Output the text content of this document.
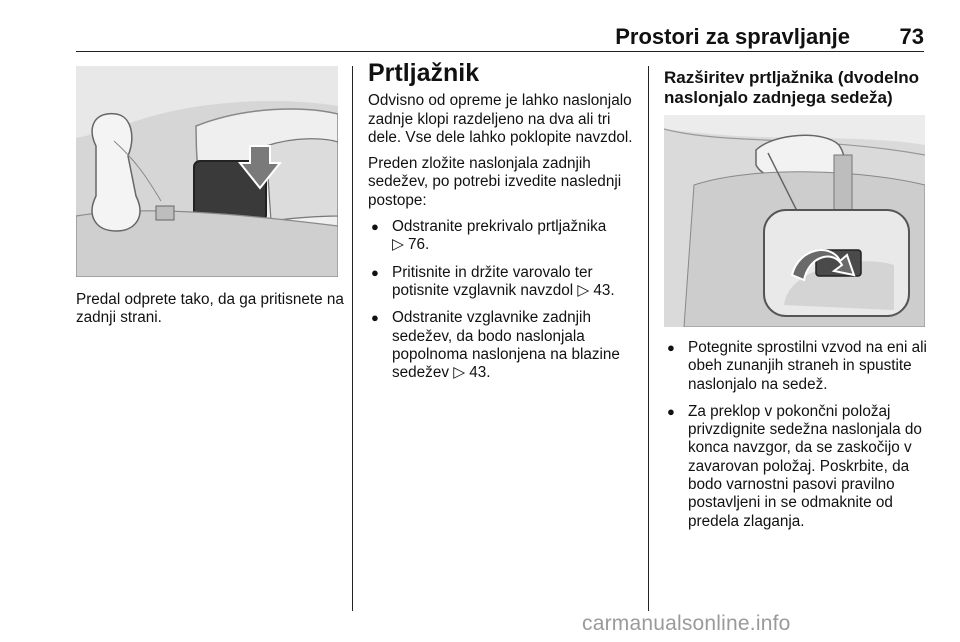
Prostori za spravljanje 73

Predal odprete tako, da ga pritisnete na zadnji strani.

Prtljažnik

Odvisno od opreme je lahko naslonjalo zadnje klopi razdeljeno na dva ali tri dele. Vse dele lahko poklopite navzdol.

Preden zložite naslonjala zadnjih sedežev, po potrebi izvedite naslednji postope:

● Odstranite prekrivalo prtljažnika ▷ 76.
● Pritisnite in držite varovalo ter potisnite vzglavnik navzdol ▷ 43.
● Odstranite vzglavnike zadnjih sedežev, da bodo naslonjala popolnoma naslonjena na blazine sedežev ▷ 43.
Razširitev prtljažnika (dvodelno naslonjalo zadnjega sedeža)
● Potegnite sprostilni vzvod na eni ali obeh zunanjih straneh in spustite naslonjalo na sedež.
● Za preklop v pokončni položaj privzdignite sedežna naslonjala do konca navzgor, da se zaskočijo v zavarovan položaj. Poskrbite, da bodo varnostni pasovi pravilno postavljeni in se odmaknite od predela zlaganja.
carmanualsonline.info
